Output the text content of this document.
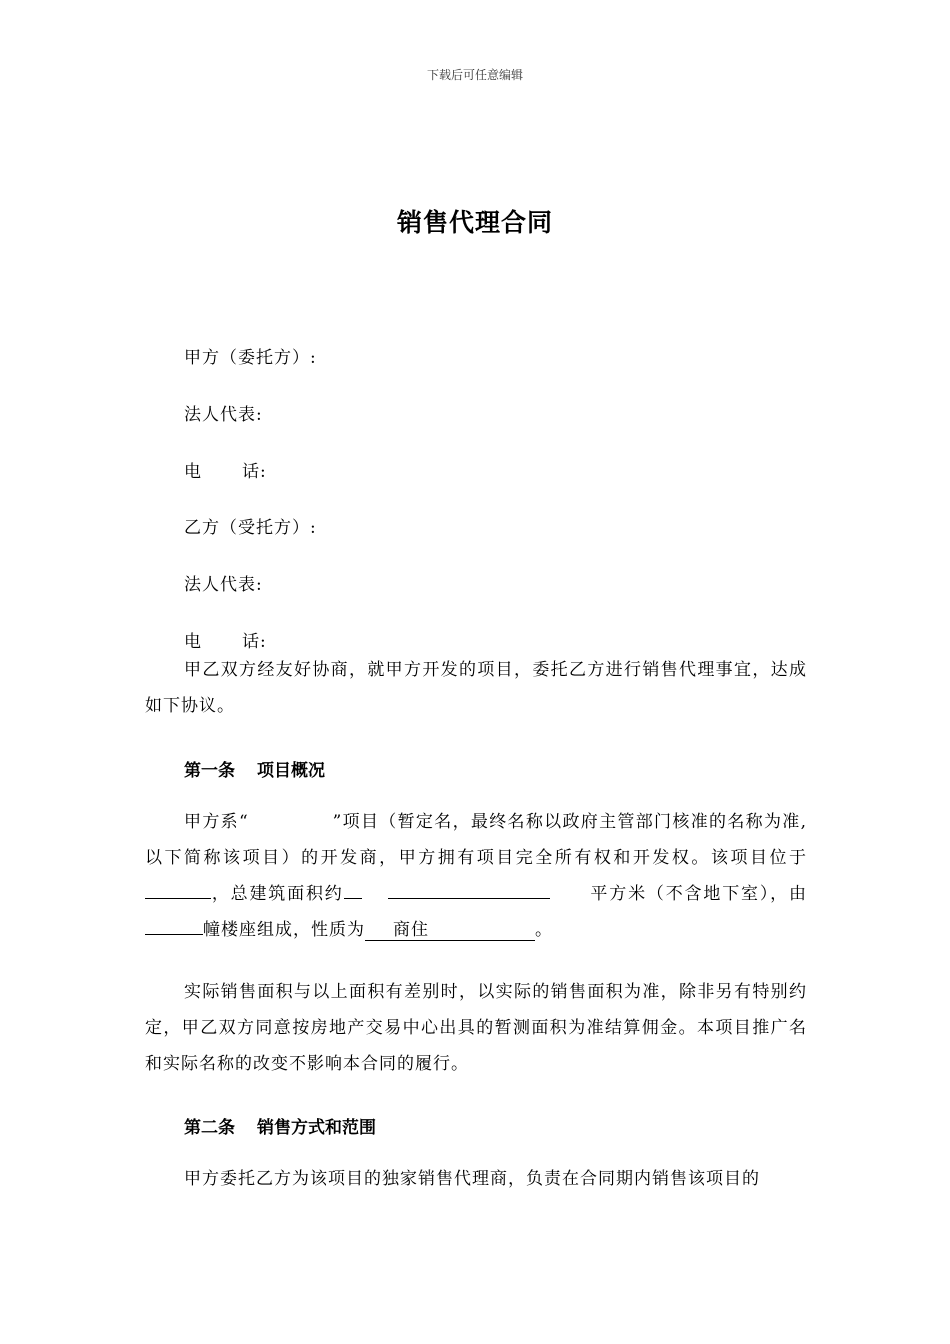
下载后可任意编辑
销售代理合同
甲方（委托方）:
法人代表:
电 话:
乙方（受托方）:
法人代表:
电 话:

甲乙双方经友好协商，就甲方开发的项目，委托乙方进行销售代理事宜，达成如下协议。

第一条 项目概况

甲方系“	”项目（暂定名，最终名称以政府主管部门核准的名称为准, 以下简称该项目）的开发商，甲方拥有项目完全所有权和开发权。该项目位于，总建筑面积约	平方米（不含地下室），由幢楼座组成，性质为 商住	。

实际销售面积与以上面积有差别时，以实际的销售面积为准，除非另有特别约定，甲乙双方同意按房地产交易中心出具的暂测面积为准结算佣金。本项目推广名和实际名称的改变不影响本合同的履行。

第二条 销售方式和范围

甲方委托乙方为该项目的独家销售代理商，负责在合同期内销售该项目的
